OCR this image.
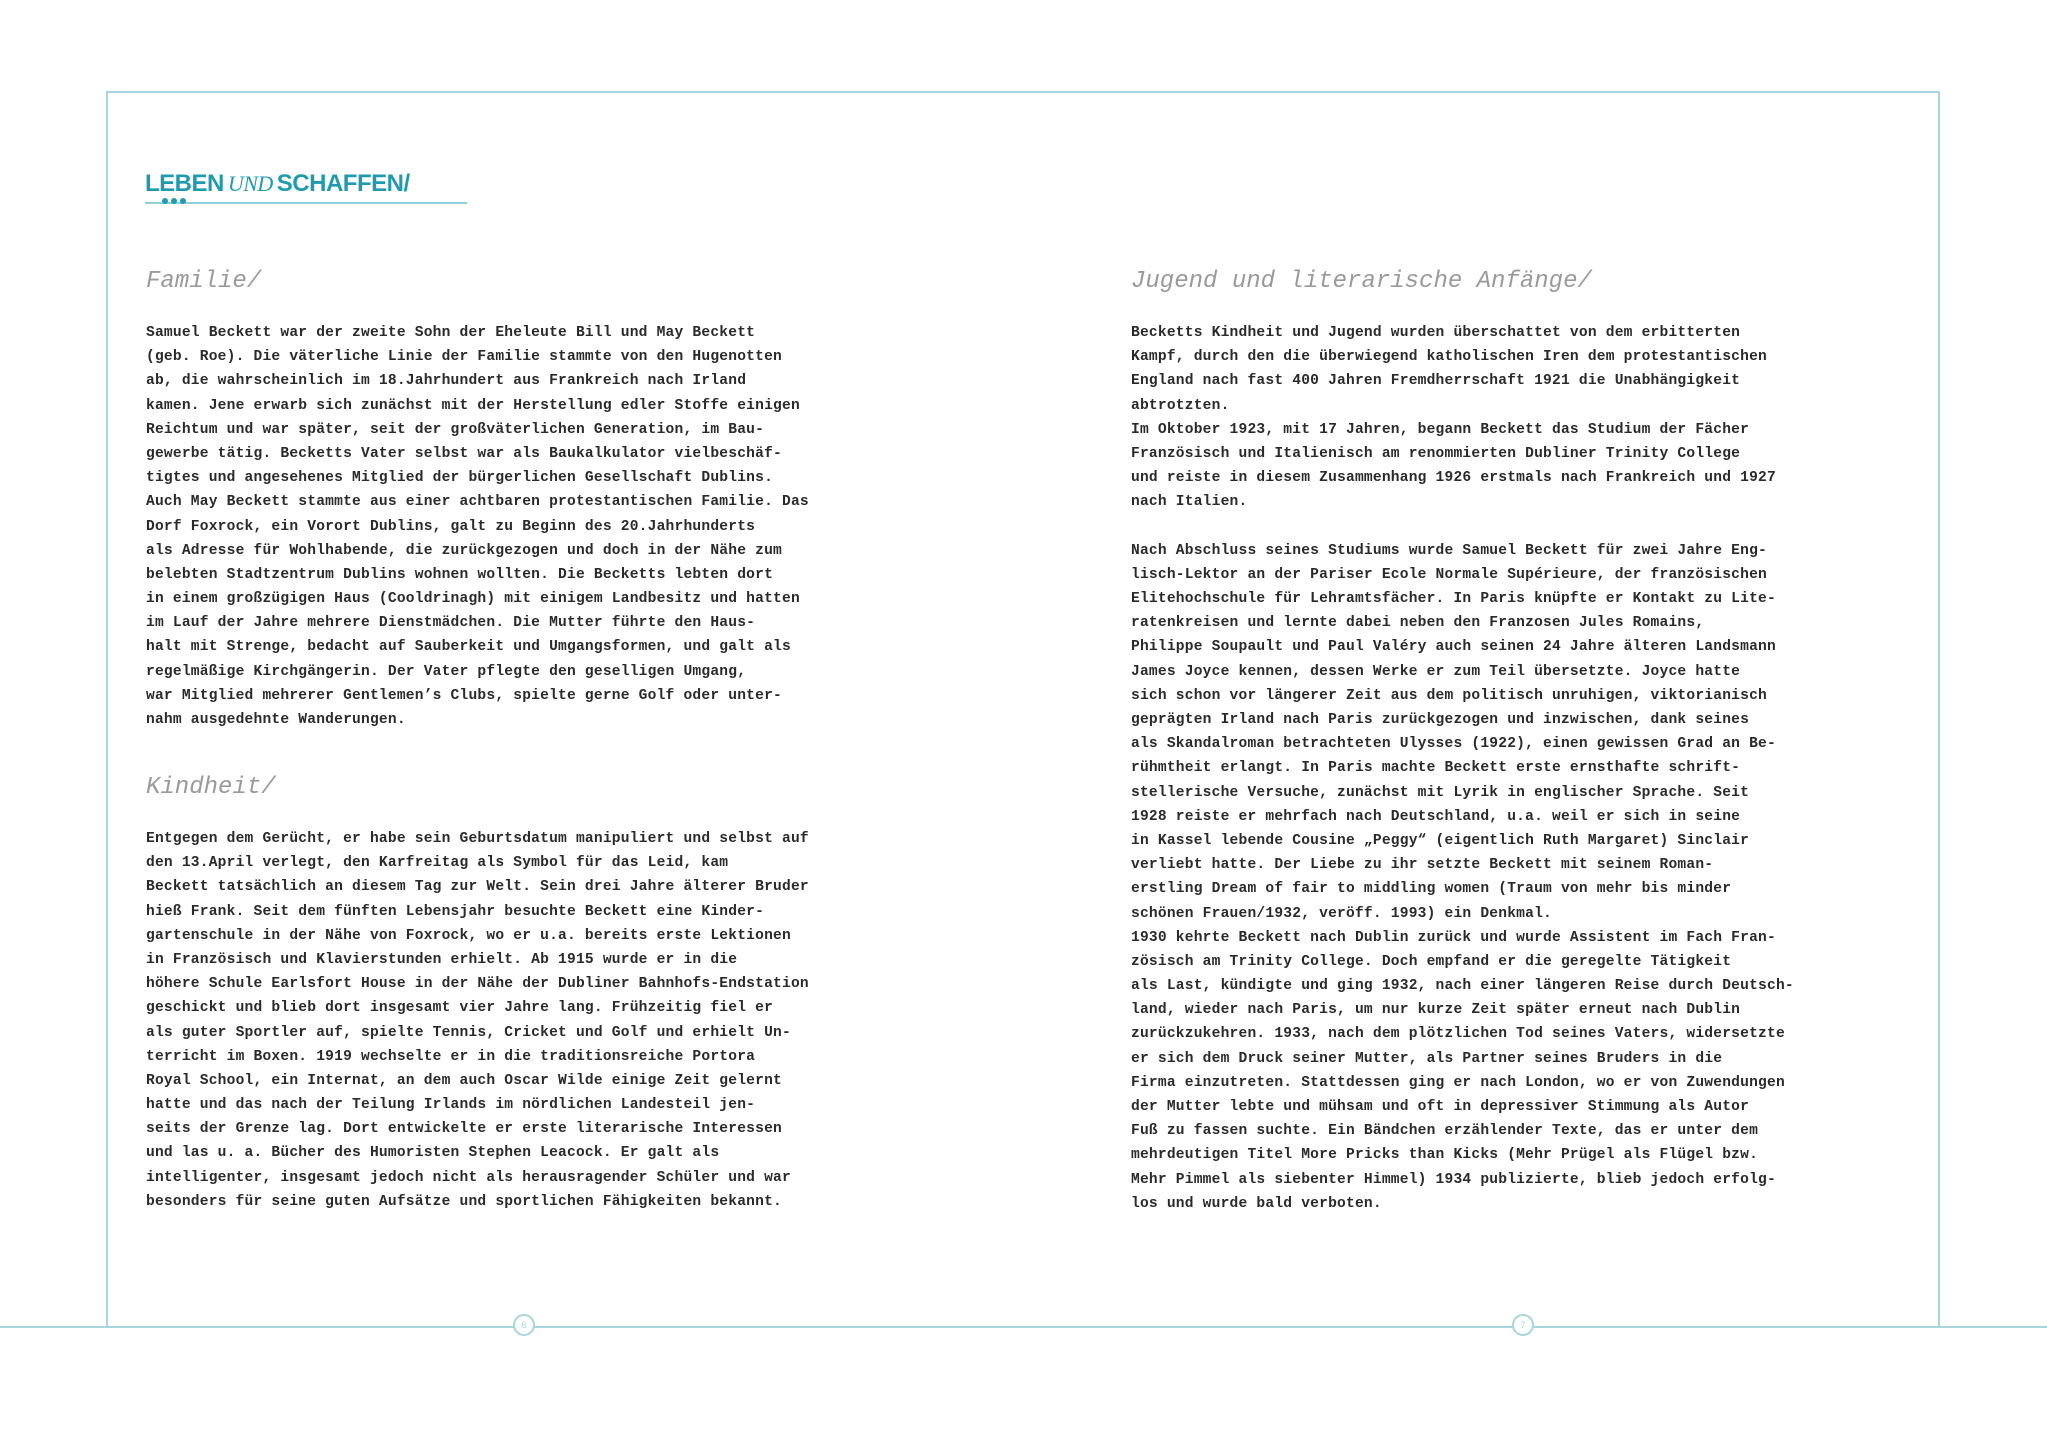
6	7
LEBEN UND SCHAFFEN/
Familie/
Samuel Beckett war der zweite Sohn der Eheleute Bill und May Beckett
(geb. Roe). Die väterliche Linie der Familie stammte von den Hugenotten
ab, die wahrscheinlich im 18.Jahrhundert aus Frankreich nach Irland
kamen. Jene erwarb sich zunächst mit der Herstellung edler Stoffe einigen
Reichtum und war später, seit der großväterlichen Generation, im Bau-
gewerbe tätig. Becketts Vater selbst war als Baukalkulator vielbeschäf-
tigtes und angesehenes Mitglied der bürgerlichen Gesellschaft Dublins.
Auch May Beckett stammte aus einer achtbaren protestantischen Familie. Das
Dorf Foxrock, ein Vorort Dublins, galt zu Beginn des 20.Jahrhunderts
als Adresse für Wohlhabende, die zurückgezogen und doch in der Nähe zum
belebten Stadtzentrum Dublins wohnen wollten. Die Becketts lebten dort
in einem großzügigen Haus (Cooldrinagh) mit einigem Landbesitz und hatten
im Lauf der Jahre mehrere Dienstmädchen. Die Mutter führte den Haus-
halt mit Strenge, bedacht auf Sauberkeit und Umgangsformen, und galt als
regelmäßige Kirchgängerin. Der Vater pflegte den geselligen Umgang,
war Mitglied mehrerer Gentlemen’s Clubs, spielte gerne Golf oder unter-
nahm ausgedehnte Wanderungen.
Kindheit/
Entgegen dem Gerücht, er habe sein Geburtsdatum manipuliert und selbst auf
den 13.April verlegt, den Karfreitag als Symbol für das Leid, kam
Beckett tatsächlich an diesem Tag zur Welt. Sein drei Jahre älterer Bruder
hieß Frank. Seit dem fünften Lebensjahr besuchte Beckett eine Kinder-
gartenschule in der Nähe von Foxrock, wo er u.a. bereits erste Lektionen
in Französisch und Klavierstunden erhielt. Ab 1915 wurde er in die
höhere Schule Earlsfort House in der Nähe der Dubliner Bahnhofs-Endstation
geschickt und blieb dort insgesamt vier Jahre lang. Frühzeitig fiel er
als guter Sportler auf, spielte Tennis, Cricket und Golf und erhielt Un-
terricht im Boxen. 1919 wechselte er in die traditionsreiche Portora
Royal School, ein Internat, an dem auch Oscar Wilde einige Zeit gelernt
hatte und das nach der Teilung Irlands im nördlichen Landesteil jen-
seits der Grenze lag. Dort entwickelte er erste literarische Interessen
und las u. a. Bücher des Humoristen Stephen Leacock. Er galt als
intelligenter, insgesamt jedoch nicht als herausragender Schüler und war
besonders für seine guten Aufsätze und sportlichen Fähigkeiten bekannt.
Jugend und literarische Anfänge/
Becketts Kindheit und Jugend wurden überschattet von dem erbitterten
Kampf, durch den die überwiegend katholischen Iren dem protestantischen
England nach fast 400 Jahren Fremdherrschaft 1921 die Unabhängigkeit
abtrotzten.
Im Oktober 1923, mit 17 Jahren, begann Beckett das Studium der Fächer
Französisch und Italienisch am renommierten Dubliner Trinity College
und reiste in diesem Zusammenhang 1926 erstmals nach Frankreich und 1927
nach Italien.
Nach Abschluss seines Studiums wurde Samuel Beckett für zwei Jahre Eng-
lisch-Lektor an der Pariser Ecole Normale Supérieure, der französischen
Elitehochschule für Lehramtsfächer. In Paris knüpfte er Kontakt zu Lite-
ratenkreisen und lernte dabei neben den Franzosen Jules Romains,
Philippe Soupault und Paul Valéry auch seinen 24 Jahre älteren Landsmann
James Joyce kennen, dessen Werke er zum Teil übersetzte. Joyce hatte
sich schon vor längerer Zeit aus dem politisch unruhigen, viktorianisch
geprägten Irland nach Paris zurückgezogen und inzwischen, dank seines
als Skandalroman betrachteten Ulysses (1922), einen gewissen Grad an Be-
rühmtheit erlangt. In Paris machte Beckett erste ernsthafte schrift-
stellerische Versuche, zunächst mit Lyrik in englischer Sprache. Seit
1928 reiste er mehrfach nach Deutschland, u.a. weil er sich in seine
in Kassel lebende Cousine „Peggy“ (eigentlich Ruth Margaret) Sinclair
verliebt hatte. Der Liebe zu ihr setzte Beckett mit seinem Roman-
erstling Dream of fair to middling women (Traum von mehr bis minder
schönen Frauen/1932, veröff. 1993) ein Denkmal.
1930 kehrte Beckett nach Dublin zurück und wurde Assistent im Fach Fran-
zösisch am Trinity College. Doch empfand er die geregelte Tätigkeit
als Last, kündigte und ging 1932, nach einer längeren Reise durch Deutsch-
land, wieder nach Paris, um nur kurze Zeit später erneut nach Dublin
zurückzukehren. 1933, nach dem plötzlichen Tod seines Vaters, widersetzte
er sich dem Druck seiner Mutter, als Partner seines Bruders in die
Firma einzutreten. Stattdessen ging er nach London, wo er von Zuwendungen
der Mutter lebte und mühsam und oft in depressiver Stimmung als Autor
Fuß zu fassen suchte. Ein Bändchen erzählender Texte, das er unter dem
mehrdeutigen Titel More Pricks than Kicks (Mehr Prügel als Flügel bzw.
Mehr Pimmel als siebenter Himmel) 1934 publizierte, blieb jedoch erfolg-
los und wurde bald verboten.
